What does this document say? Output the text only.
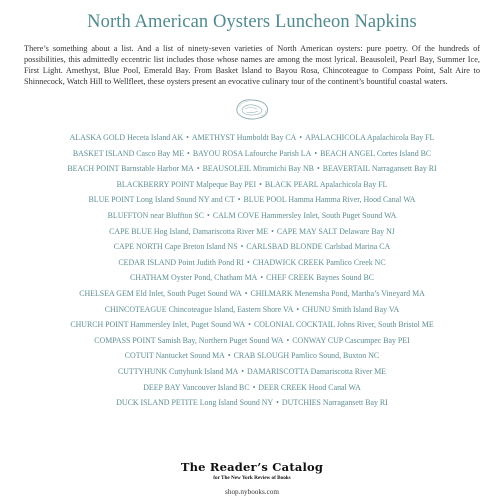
North American Oysters Luncheon Napkins

There’s something about a list. And a list of ninety-seven varieties of North American oysters: pure poetry. Of the hundreds of possibilities, this admittedly eccentric list includes those whose names are among the most lyrical. Beausoleil, Pearl Bay, Summer Ice, First Light. Amethyst, Blue Pool, Emerald Bay. From Basket Island to Bayou Rosa, Chincoteague to Compass Point, Salt Aire to Shinnecock, Watch Hill to Wellfleet, these oysters present an evocative culinary tour of the continent’s bountiful coastal waters.

ALASKA GOLD Heceta Island AK • AMETHYST Humboldt Bay CA • APALACHICOLA Apalachicola Bay FL
BASKET ISLAND Casco Bay ME • BAYOU ROSA Lafourche Parish LA • BEACH ANGEL Cortes Island BC
BEACH POINT Barnstable Harbor MA • BEAUSOLEIL Miramichi Bay NB • BEAVERTAIL Narragansett Bay RI
BLACKBERRY POINT Malpeque Bay PEI • BLACK PEARL Apalachicola Bay FL
BLUE POINT Long Island Sound NY and CT • BLUE POOL Hamma Hamma River, Hood Canal WA
BLUFFTON near Bluffton SC • CALM COVE Hammersley Inlet, South Puget Sound WA
CAPE BLUE Hog Island, Damariscotta River ME • CAPE MAY SALT Delaware Bay NJ
CAPE NORTH Cape Breton Island NS • CARLSBAD BLONDE Carlsbad Marina CA
CEDAR ISLAND Point Judith Pond RI • CHADWICK CREEK Pamlico Creek NC
CHATHAM Oyster Pond, Chatham MA • CHEF CREEK Baynes Sound BC
CHELSEA GEM Eld Inlet, South Puget Sound WA • CHILMARK Menemsha Pond, Martha’s Vineyard MA
CHINCOTEAGUE Chincoteague Island, Eastern Shore VA • CHUNU Smith Island Bay VA
CHURCH POINT Hammersley Inlet, Puget Sound WA • COLONIAL COCKTAIL Johns River, South Bristol ME
COMPASS POINT Samish Bay, Northern Puget Sound WA • CONWAY CUP Cascumpec Bay PEI
COTUIT Nantucket Sound MA • CRAB SLOUGH Pamlico Sound, Buxton NC
CUTTYHUNK Cuttyhunk Island MA • DAMARISCOTTA Damariscotta River ME
DEEP BAY Vancouver Island BC • DEER CREEK Hood Canal WA
DUCK ISLAND PETITE Long Island Sound NY • DUTCHIES Narragansett Bay RI
The Reader’s Catalog
for The New York Review of Books
shop.nybooks.com
